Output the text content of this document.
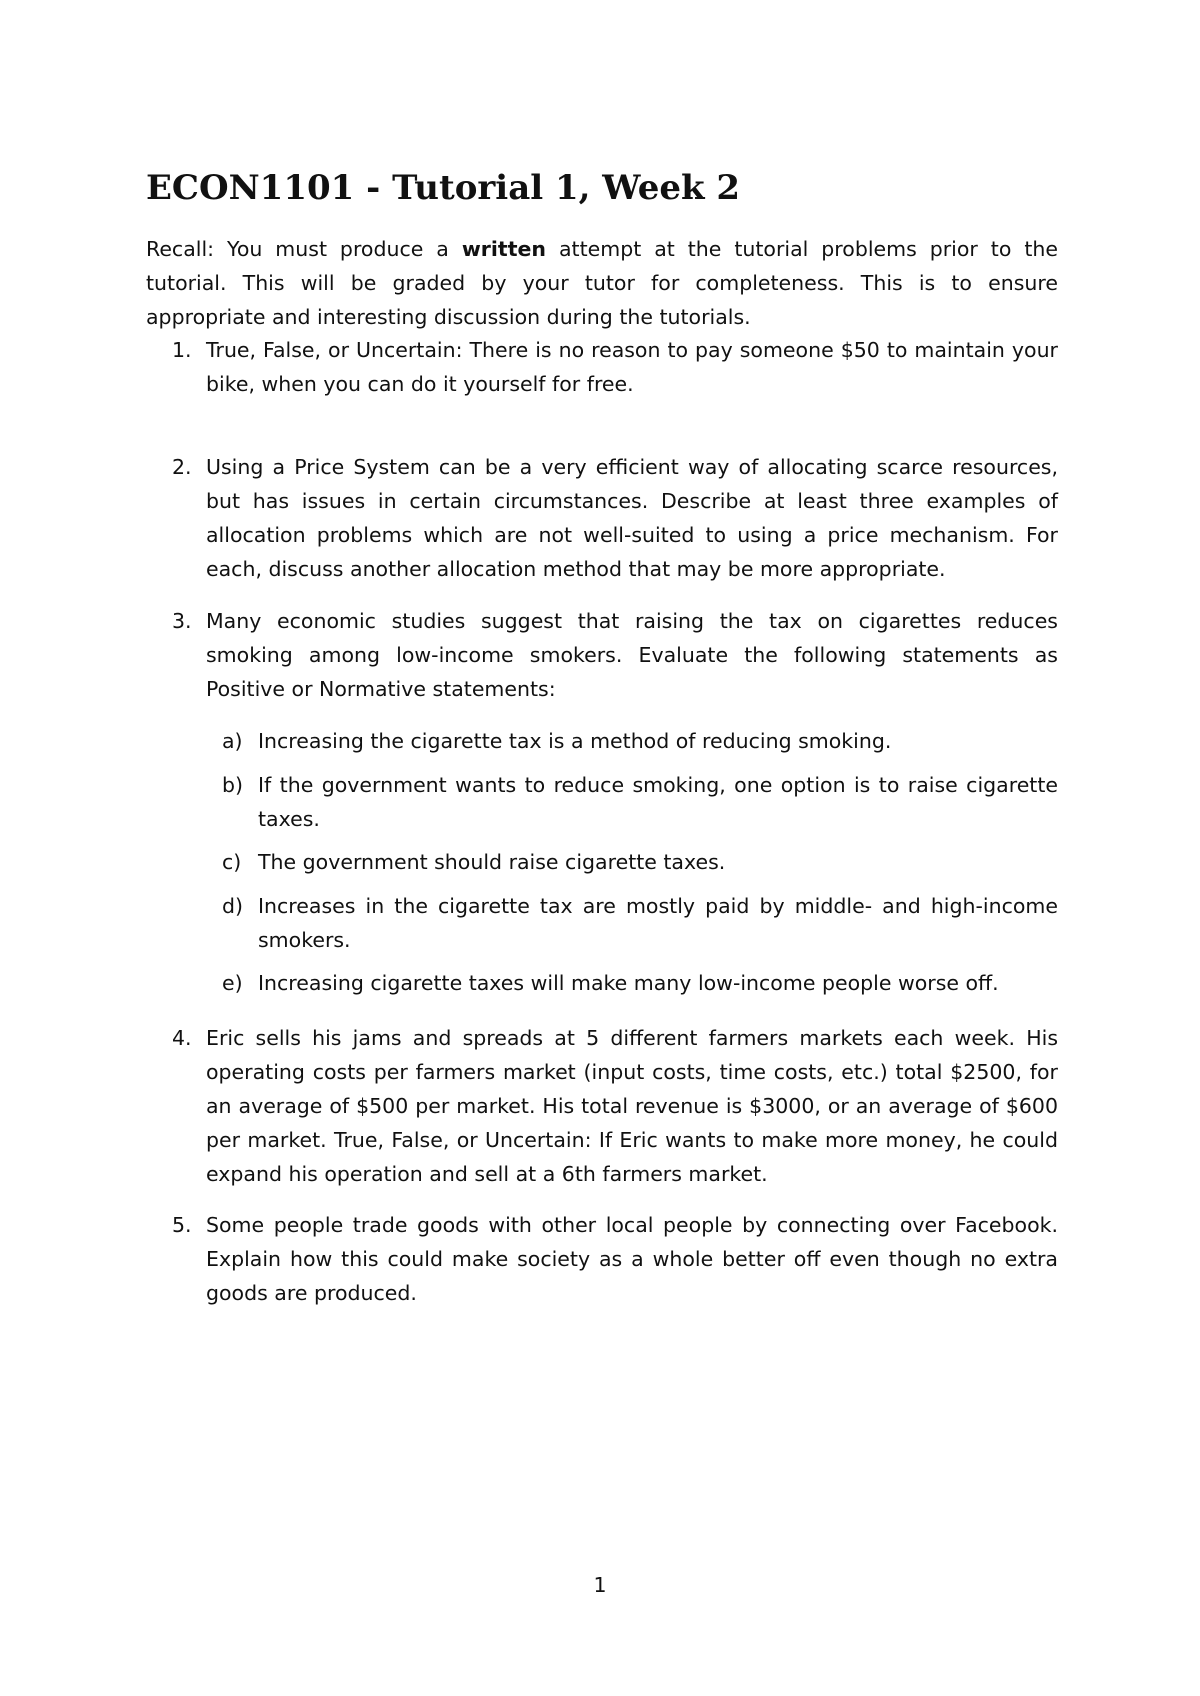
ECON1101 - Tutorial 1, Week 2

Recall: You must produce a written attempt at the tutorial problems prior to the tutorial. This will be graded by your tutor for completeness. This is to ensure appropriate and interesting discussion during the tutorials.

1. True, False, or Uncertain: There is no reason to pay someone $50 to maintain your bike, when you can do it yourself for free.
2. Using a Price System can be a very efficient way of allocating scarce resources, but has issues in certain circumstances. Describe at least three examples of allocation problems which are not well-suited to using a price mechanism. For each, discuss another allocation method that may be more appropriate.
3. Many economic studies suggest that raising the tax on cigarettes reduces smoking among low-income smokers. Evaluate the following statements as Positive or Normative statements:
a) Increasing the cigarette tax is a method of reducing smoking.
b) If the government wants to reduce smoking, one option is to raise cigarette taxes.
c) The government should raise cigarette taxes.
d) Increases in the cigarette tax are mostly paid by middle- and high-income smokers.
e) Increasing cigarette taxes will make many low-income people worse off.
4. Eric sells his jams and spreads at 5 different farmers markets each week. His operating costs per farmers market (input costs, time costs, etc.) total $2500, for an average of $500 per market. His total revenue is $3000, or an average of $600 per market. True, False, or Uncertain: If Eric wants to make more money, he could expand his operation and sell at a 6th farmers market.
5. Some people trade goods with other local people by connecting over Facebook. Explain how this could make society as a whole better off even though no extra goods are produced.
1
